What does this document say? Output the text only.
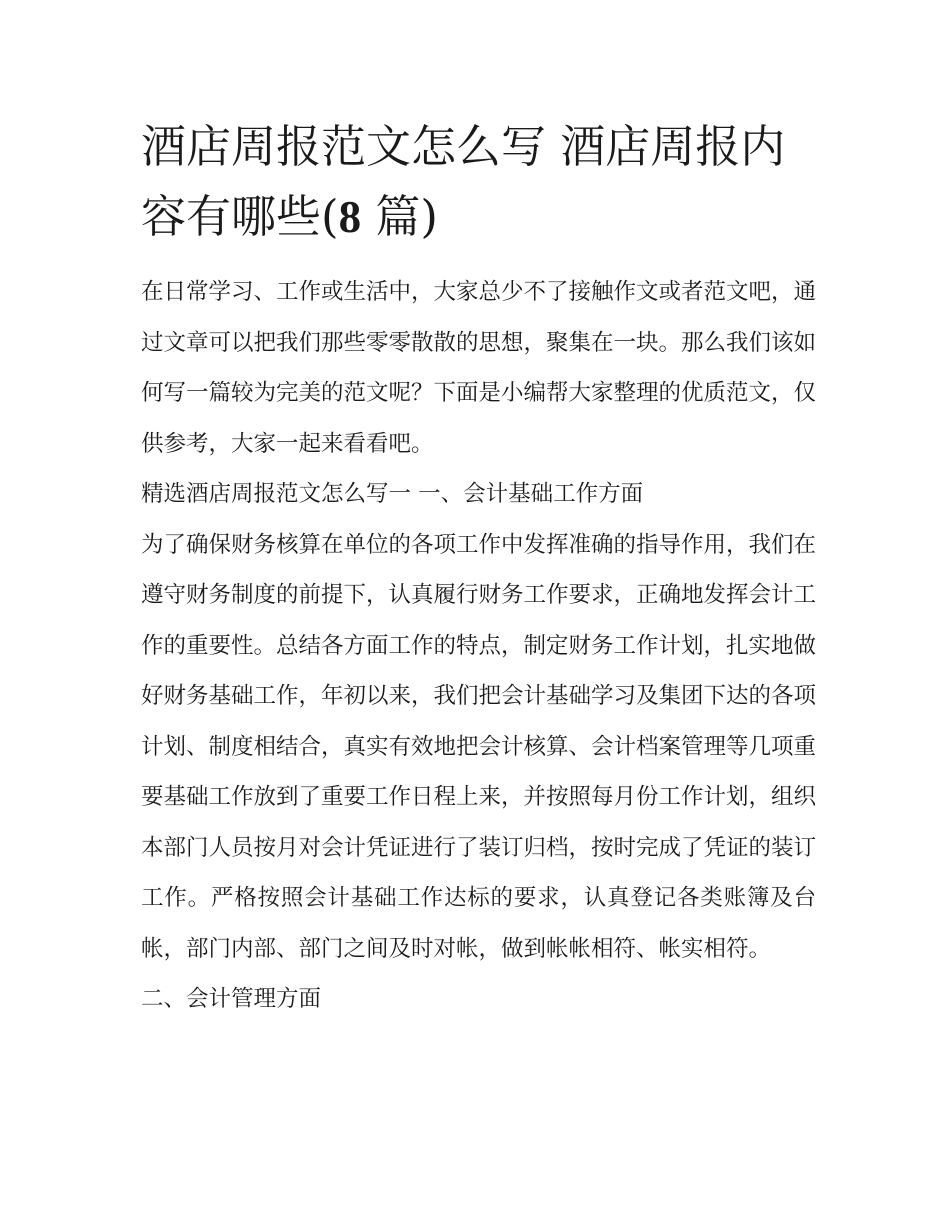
酒店周报范文怎么写 酒店周报内容有哪些(8 篇)

在日常学习、工作或生活中，大家总少不了接触作文或者范文吧，通过文章可以把我们那些零零散散的思想，聚集在一块。那么我们该如何写一篇较为完美的范文呢？下面是小编帮大家整理的优质范文，仅供参考，大家一起来看看吧。

精选酒店周报范文怎么写一 一、会计基础工作方面

为了确保财务核算在单位的各项工作中发挥准确的指导作用，我们在遵守财务制度的前提下，认真履行财务工作要求，正确地发挥会计工作的重要性。总结各方面工作的特点，制定财务工作计划，扎实地做好财务基础工作，年初以来，我们把会计基础学习及集团下达的各项计划、制度相结合，真实有效地把会计核算、会计档案管理等几项重要基础工作放到了重要工作日程上来，并按照每月份工作计划，组织本部门人员按月对会计凭证进行了装订归档，按时完成了凭证的装订工作。严格按照会计基础工作达标的要求，认真登记各类账簿及台帐，部门内部、部门之间及时对帐，做到帐帐相符、帐实相符。

二、会计管理方面
